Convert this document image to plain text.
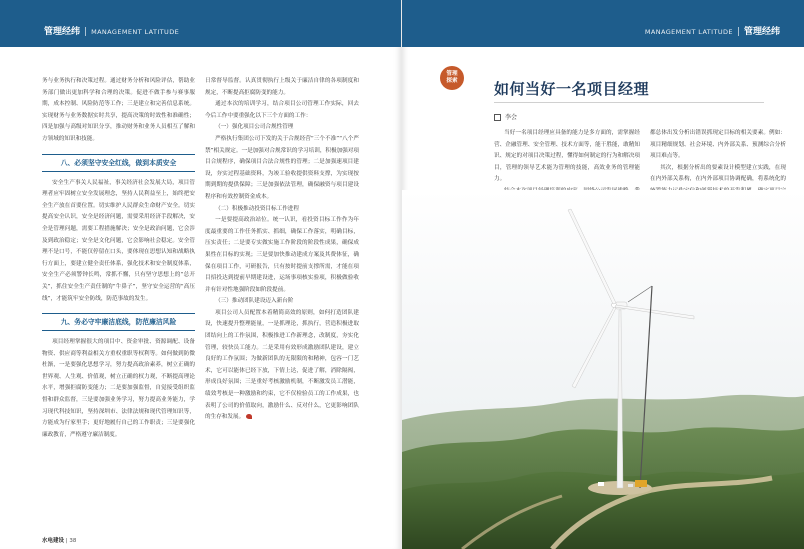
管理经纬 | MANAGEMENT LATITUDE

务与业务执行和决策过程。通过财务分析和风险评估，帮助业务部门做出更加科学和合理的决策。促进不做手参与赛事服期，成本控制、风险防范等工作；三是建立和完善信息系统。实现财务与业务数据实时共享，提高决策的时效性和准确性；四是加强与高级对知识分享，推动财务和业务人员相互了解和方领域的知识和技能。

八、必须坚守安全红线，做到本质安全

安全生产事关人民福祉，事关经济社会发展大局，项目管理者应牢固树立安全发展理念，坚持人民利益至上，始终把安全生产放在首要位置。切实维护人民群众生命财产安全。切实提高安全认识，安全是经济问题，需要采用经济手段解决，安全是管理问题，需要工程措施解决；安全是政治问题，它会涉及到政治稳定；安全是文化问题，它会影响社会稳定。安全管理不是口号，不能仅停留在口头，要体现在思想认知和战略执行方面上，要建立健全责任体系，强化技术和安全制度体系，安全生产必须警钟长鸣，常抓不懈，只有坚守思想上的“总开关”，抓住安全生产责任制的“牛鼻子”，坚守安全运营的“高压线”，才能筑牢安全防线，防范事故的发生。

九、务必守牢廉洁底线，防范廉洁风险

项目经理掌握很大的项目中、资金审批、资源调配、设备物资、供应商等利益相关方重权重职等权利等。如何做到防微杜渐，一是要强化思想学习，努力提高政治素养，树立正确的世界观、人生观、价值观，树立正确的权力观，不断提高理论水平，增强拒腐防变能力；二是要加强监督，自觉接受组织监督和群众监督，三是要加强业务学习，努力提高业务能力，学习现代科技知识，坚持深圳市、法律法规和现代管理知识等，方能成为行家里手；更好地履行自己的工作职责；三是要强化廉政教育，严格遵守廉洁制度。

日常督导监督。认真贯彻执行上级关于廉洁自律的各项制度和规定，不断提高拒腐防变的能力。

通过本次的培训学习，结合项目公司管理工作实际，回去今后工作中要重强化以下三个方面的工作：

（一）强化项目公司合规性管理

严格执行集团公司下发的关于合规经营“三个不准”“八个严禁”相关规定。一是加强对合规常识的学习培训，积极加强对项目合规程序，确保项目合法合规性的管理；二是加强速项目建设，夯实过程基础资料，为竣工验收提供资料支撑，为实现按期到期的提供保障；三是加强依法管理，确保融资与项目建设程序和有效控制资金成本。

（二）积极推动投资目标工作进程

一是要提高政治站位。统一认识，看投资目标工作作为年度最重要的工作任务抓实、抓细，确保工作落实，明确目标，压实责任；二是要专实做实施工作阶段的阶段性成果，确保成果性在目标的实现；三是要加快推动建成方案及其费体征，确保在项目工作，可研报告，只有按时提前支撑所需，才能在项目招投达到提前早期建设进，运场事项核实验项，积极做验收并有针对性地强阶段如阶段提前。

（三）推动团队建设迈入新台阶

项目公司人员配置本着精简高效的原则，如何打造团队建设，快速提升整理能量，一是抓理论，抓执行，营造积极进取团结向上的工作氛围，积极推进工作新理念，改制度，夯实化管理，较快员工能力。二是采用有效形成激励团队建设，建立良好的工作氛围；为做新团队的无限限的和精神，包容一门艺术，它可以能体已经下放，下情上达，促进了解，消除隔阂，形成良好氛围；三是重好考核激励机制，不断激发员工潜能，绩效考核是一种激励和约束，它不仅检验员工的工作成果，也表明了公司的价值取向，激励什么、反对什么，它更影响团队的生存和发展。

水电建设 | 38
MANAGEMENT LATITUDE | 管理经纬
管理
探索	如何当好一名项目经理
李会

当好一名项目经理应具备的能力是多方面的，需掌握经营、企融管理、安全管理、技术方面等，能干胜能，敢精知识、规定的对项目决策过程，懂得如何制定的行为和解决项目，管理的领导艺术能为管理的技能，高效业务的管理能力。

都总体出发分析出错误抓现定目标的相关要素。例如：项目精细规划、社会环境、内外部关系、预测综合分析项目难点等。

其次，根据分析出的要素设计模型建立实践，在现在内外部关系构，在内外部项目协调配确，将系统化的
